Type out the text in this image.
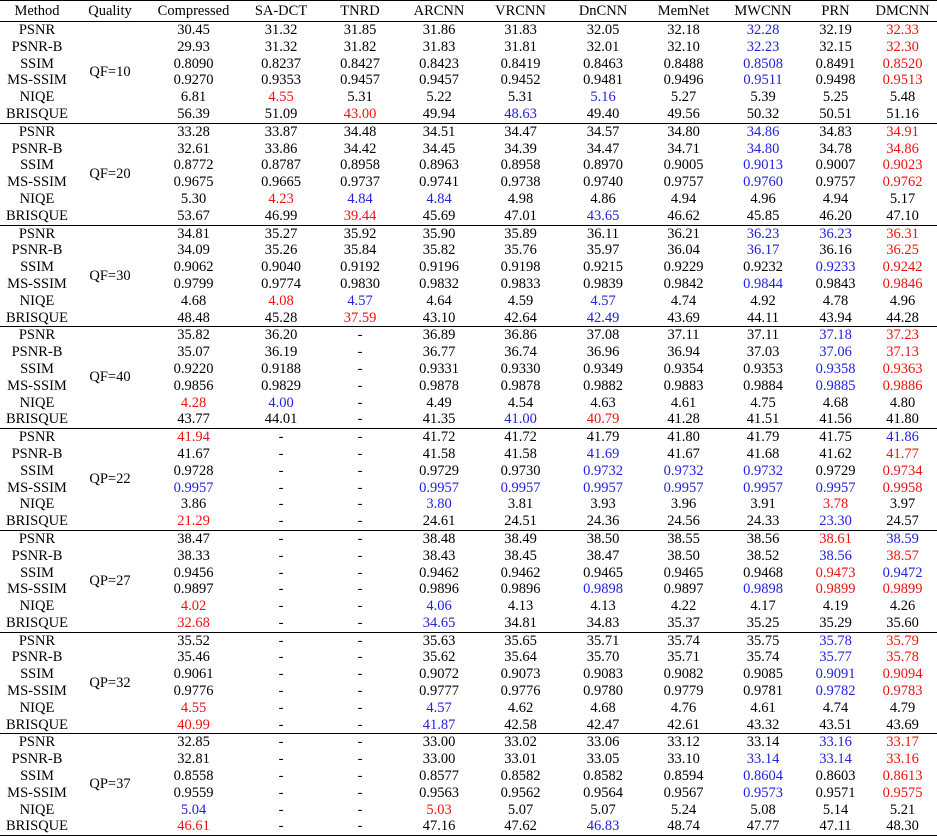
Method	Quality	Compressed	SA-DCT	TNRD	ARCNN	VRCNN	DnCNN	MemNet	MWCNN	PRN	DMCNN
PSNR	QF=10	30.45	31.32	31.85	31.86	31.83	32.05	32.18	32.28	32.19	32.33
PSNR-B		29.93	31.32	31.82	31.83	31.81	32.01	32.10	32.23	32.15	32.30
SSIM		0.8090	0.8237	0.8427	0.8423	0.8419	0.8463	0.8488	0.8508	0.8491	0.8520
MS-SSIM		0.9270	0.9353	0.9457	0.9457	0.9452	0.9481	0.9496	0.9511	0.9498	0.9513
NIQE		6.81	4.55	5.31	5.22	5.31	5.16	5.27	5.39	5.25	5.48
BRISQUE		56.39	51.09	43.00	49.94	48.63	49.40	49.56	50.32	50.51	51.16
PSNR	QF=20	33.28	33.87	34.48	34.51	34.47	34.57	34.80	34.86	34.83	34.91
PSNR-B		32.61	33.86	34.42	34.45	34.39	34.47	34.71	34.80	34.78	34.86
SSIM		0.8772	0.8787	0.8958	0.8963	0.8958	0.8970	0.9005	0.9013	0.9007	0.9023
MS-SSIM		0.9675	0.9665	0.9737	0.9741	0.9738	0.9740	0.9757	0.9760	0.9757	0.9762
NIQE		5.30	4.23	4.84	4.84	4.98	4.86	4.94	4.96	4.94	5.17
BRISQUE		53.67	46.99	39.44	45.69	47.01	43.65	46.62	45.85	46.20	47.10
PSNR	QF=30	34.81	35.27	35.92	35.90	35.89	36.11	36.21	36.23	36.23	36.31
PSNR-B		34.09	35.26	35.84	35.82	35.76	35.97	36.04	36.17	36.16	36.25
SSIM		0.9062	0.9040	0.9192	0.9196	0.9198	0.9215	0.9229	0.9232	0.9233	0.9242
MS-SSIM		0.9799	0.9774	0.9830	0.9832	0.9833	0.9839	0.9842	0.9844	0.9843	0.9846
NIQE		4.68	4.08	4.57	4.64	4.59	4.57	4.74	4.92	4.78	4.96
BRISQUE		48.48	45.28	37.59	43.10	42.64	42.49	43.69	44.11	43.94	44.28
PSNR	QF=40	35.82	36.20	-	36.89	36.86	37.08	37.11	37.11	37.18	37.23
PSNR-B		35.07	36.19	-	36.77	36.74	36.96	36.94	37.03	37.06	37.13
SSIM		0.9220	0.9188	-	0.9331	0.9330	0.9349	0.9354	0.9353	0.9358	0.9363
MS-SSIM		0.9856	0.9829	-	0.9878	0.9878	0.9882	0.9883	0.9884	0.9885	0.9886
NIQE		4.28	4.00	-	4.49	4.54	4.63	4.61	4.75	4.68	4.80
BRISQUE		43.77	44.01	-	41.35	41.00	40.79	41.28	41.51	41.56	41.80
PSNR	QP=22	41.94	-	-	41.72	41.72	41.79	41.80	41.79	41.75	41.86
PSNR-B		41.67	-	-	41.58	41.58	41.69	41.67	41.68	41.62	41.77
SSIM		0.9728	-	-	0.9729	0.9730	0.9732	0.9732	0.9732	0.9729	0.9734
MS-SSIM		0.9957	-	-	0.9957	0.9957	0.9957	0.9957	0.9957	0.9957	0.9958
NIQE		3.86	-	-	3.80	3.81	3.93	3.96	3.91	3.78	3.97
BRISQUE		21.29	-	-	24.61	24.51	24.36	24.56	24.33	23.30	24.57
PSNR	QP=27	38.47	-	-	38.48	38.49	38.50	38.55	38.56	38.61	38.59
PSNR-B		38.33	-	-	38.43	38.45	38.47	38.50	38.52	38.56	38.57
SSIM		0.9456	-	-	0.9462	0.9462	0.9465	0.9465	0.9468	0.9473	0.9472
MS-SSIM		0.9897	-	-	0.9896	0.9896	0.9898	0.9897	0.9898	0.9899	0.9899
NIQE		4.02	-	-	4.06	4.13	4.13	4.22	4.17	4.19	4.26
BRISQUE		32.68	-	-	34.65	34.81	34.83	35.37	35.25	35.29	35.60
PSNR	QP=32	35.52	-	-	35.63	35.65	35.71	35.74	35.75	35.78	35.79
PSNR-B		35.46	-	-	35.62	35.64	35.70	35.71	35.74	35.77	35.78
SSIM		0.9061	-	-	0.9072	0.9073	0.9083	0.9082	0.9085	0.9091	0.9094
MS-SSIM		0.9776	-	-	0.9777	0.9776	0.9780	0.9779	0.9781	0.9782	0.9783
NIQE		4.55	-	-	4.57	4.62	4.68	4.76	4.61	4.74	4.79
BRISQUE		40.99	-	-	41.87	42.58	42.47	42.61	43.32	43.51	43.69
PSNR	QP=37	32.85	-	-	33.00	33.02	33.06	33.12	33.14	33.16	33.17
PSNR-B		32.81	-	-	33.00	33.01	33.05	33.10	33.14	33.14	33.16
SSIM		0.8558	-	-	0.8577	0.8582	0.8582	0.8594	0.8604	0.8603	0.8613
MS-SSIM		0.9559	-	-	0.9563	0.9562	0.9564	0.9567	0.9573	0.9571	0.9575
NIQE		5.04	-	-	5.03	5.07	5.07	5.24	5.08	5.14	5.21
BRISQUE		46.61	-	-	47.16	47.62	46.83	48.74	47.77	47.11	48.30
